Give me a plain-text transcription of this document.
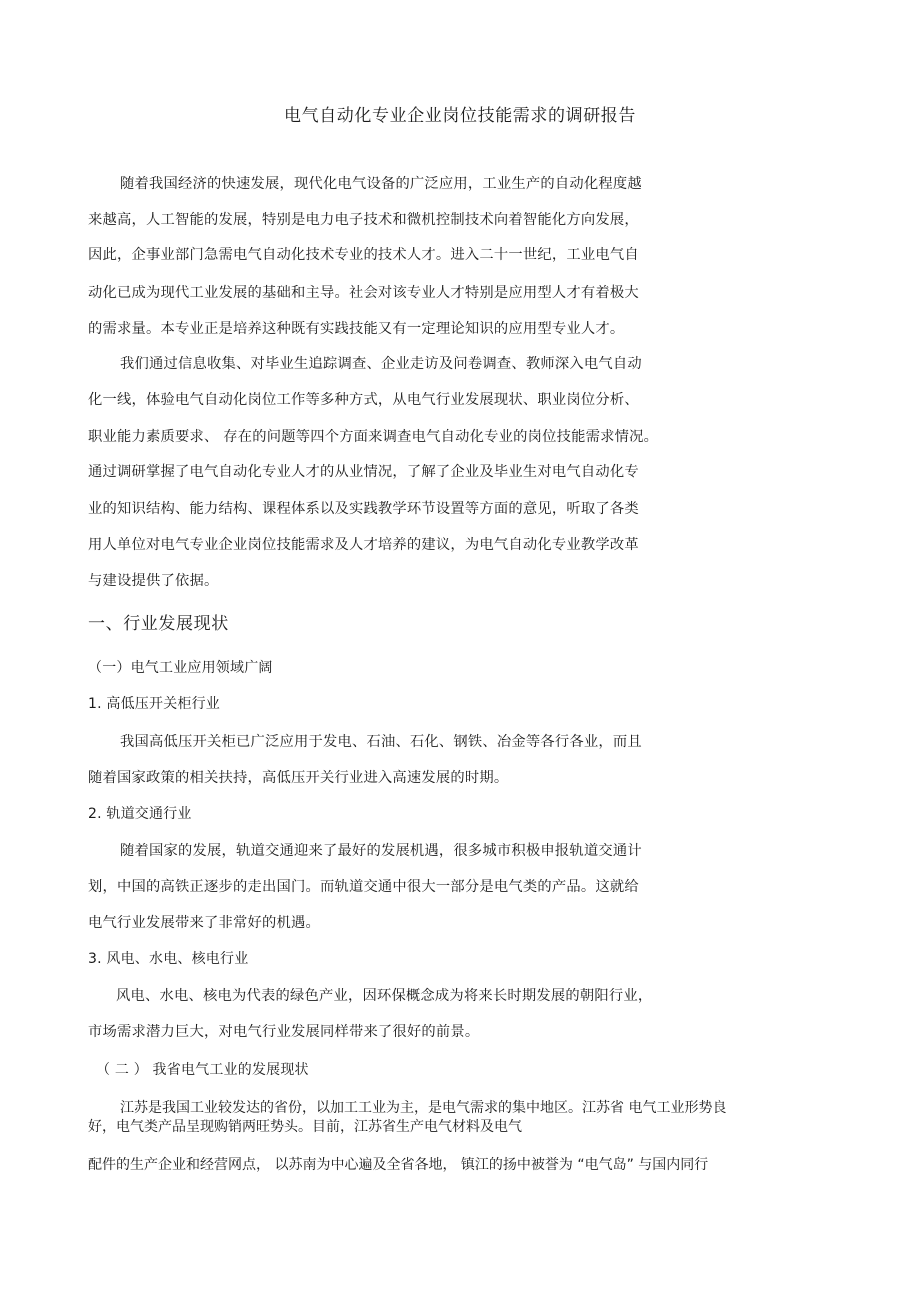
电气自动化专业企业岗位技能需求的调研报告
随着我国经济的快速发展，现代化电气设备的广泛应用，工业生产的自动化程度越
来越高，人工智能的发展，特别是电力电子技术和微机控制技术向着智能化方向发展，
因此，企事业部门急需电气自动化技术专业的技术人才。进入二十一世纪，工业电气自
动化已成为现代工业发展的基础和主导。社会对该专业人才特别是应用型人才有着极大
的需求量。本专业正是培养这种既有实践技能又有一定理论知识的应用型专业人才。
我们通过信息收集、对毕业生追踪调查、企业走访及问卷调查、教师深入电气自动
化一线，体验电气自动化岗位工作等多种方式，从电气行业发展现状、职业岗位分析、
职业能力素质要求、 存在的问题等四个方面来调查电气自动化专业的岗位技能需求情况。
通过调研掌握了电气自动化专业人才的从业情况，了解了企业及毕业生对电气自动化专
业的知识结构、能力结构、课程体系以及实践教学环节设置等方面的意见，听取了各类
用人单位对电气专业企业岗位技能需求及人才培养的建议，为电气自动化专业教学改革
与建设提供了依据。
一、行业发展现状
（一）电气工业应用领域广阔
1. 高低压开关柜行业
我国高低压开关柜已广泛应用于发电、石油、石化、钢铁、冶金等各行各业，而且
随着国家政策的相关扶持，高低压开关行业进入高速发展的时期。
2. 轨道交通行业
随着国家的发展，轨道交通迎来了最好的发展机遇，很多城市积极申报轨道交通计
划，中国的高铁正逐步的走出国门。而轨道交通中很大一部分是电气类的产品。这就给
电气行业发展带来了非常好的机遇。
3. 风电、水电、核电行业
风电、水电、核电为代表的绿色产业，因环保概念成为将来长时期发展的朝阳行业，
市场需求潜力巨大，对电气行业发展同样带来了很好的前景。
（ 二 ） 我省电气工业的发展现状
江苏是我国工业较发达的省份，以加工工业为主，是电气需求的集中地区。江苏省 电气工业形势良
好，电气类产品呈现购销两旺势头。目前，江苏省生产电气材料及电气
配件的生产企业和经营网点， 以苏南为中心遍及全省各地， 镇江的扬中被誉为 “电气岛” 与国内同行
